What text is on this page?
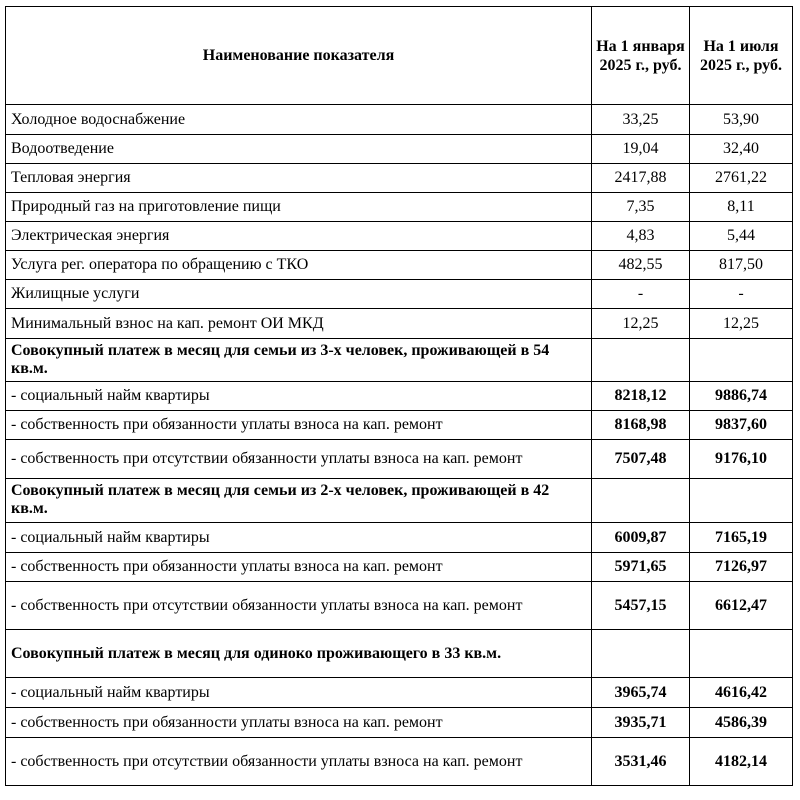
Наименование показателя	На 1 января 2025 г., руб.	На 1 июля 2025 г., руб.
Холодное водоснабжение	33,25	53,90
Водоотведение	19,04	32,40
Тепловая энергия	2417,88	2761,22
Природный газ на приготовление пищи	7,35	8,11
Электрическая энергия	4,83	5,44
Услуга рег. оператора по обращению с ТКО	482,55	817,50
Жилищные услуги	-	-
Минимальный взнос на кап. ремонт ОИ МКД	12,25	12,25
Совокупный платеж в месяц для семьи из 3-х человек, проживающей в 54 кв.м.		
- социальный найм квартиры	8218,12	9886,74
- собственность при обязанности уплаты взноса на кап. ремонт	8168,98	9837,60
- собственность при отсутствии обязанности уплаты взноса на кап. ремонт	7507,48	9176,10
Совокупный платеж в месяц для семьи из 2-х человек, проживающей в 42 кв.м.		
- социальный найм квартиры	6009,87	7165,19
- собственность при обязанности уплаты взноса на кап. ремонт	5971,65	7126,97
- собственность при отсутствии обязанности уплаты взноса на кап. ремонт	5457,15	6612,47
Совокупный платеж в месяц для одиноко проживающего в 33 кв.м.		
- социальный найм квартиры	3965,74	4616,42
- собственность при обязанности уплаты взноса на кап. ремонт	3935,71	4586,39
- собственность при отсутствии обязанности уплаты взноса на кап. ремонт	3531,46	4182,14
